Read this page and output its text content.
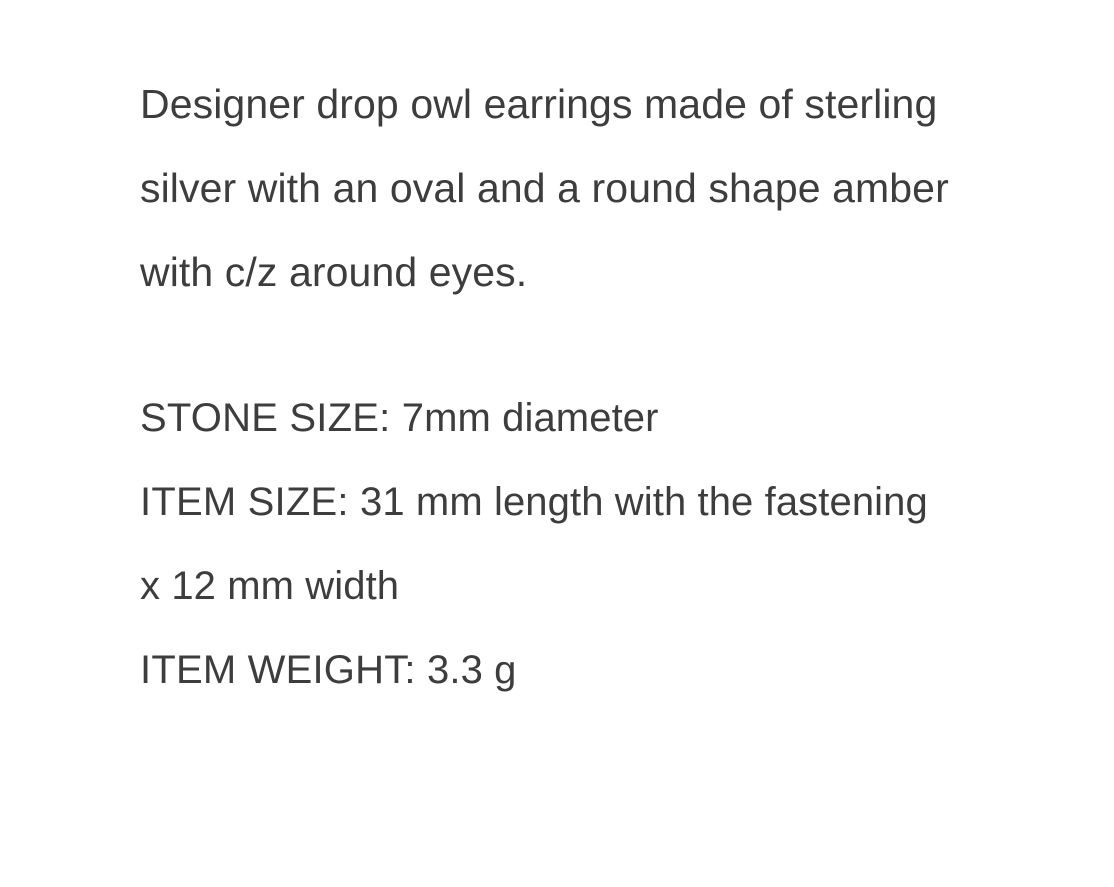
Designer drop owl earrings made of sterling silver with an oval and a round shape amber with c/z around eyes.

STONE SIZE: 7mm diameter
ITEM SIZE: 31 mm length with the fastening x 12 mm width
ITEM WEIGHT: 3.3 g
